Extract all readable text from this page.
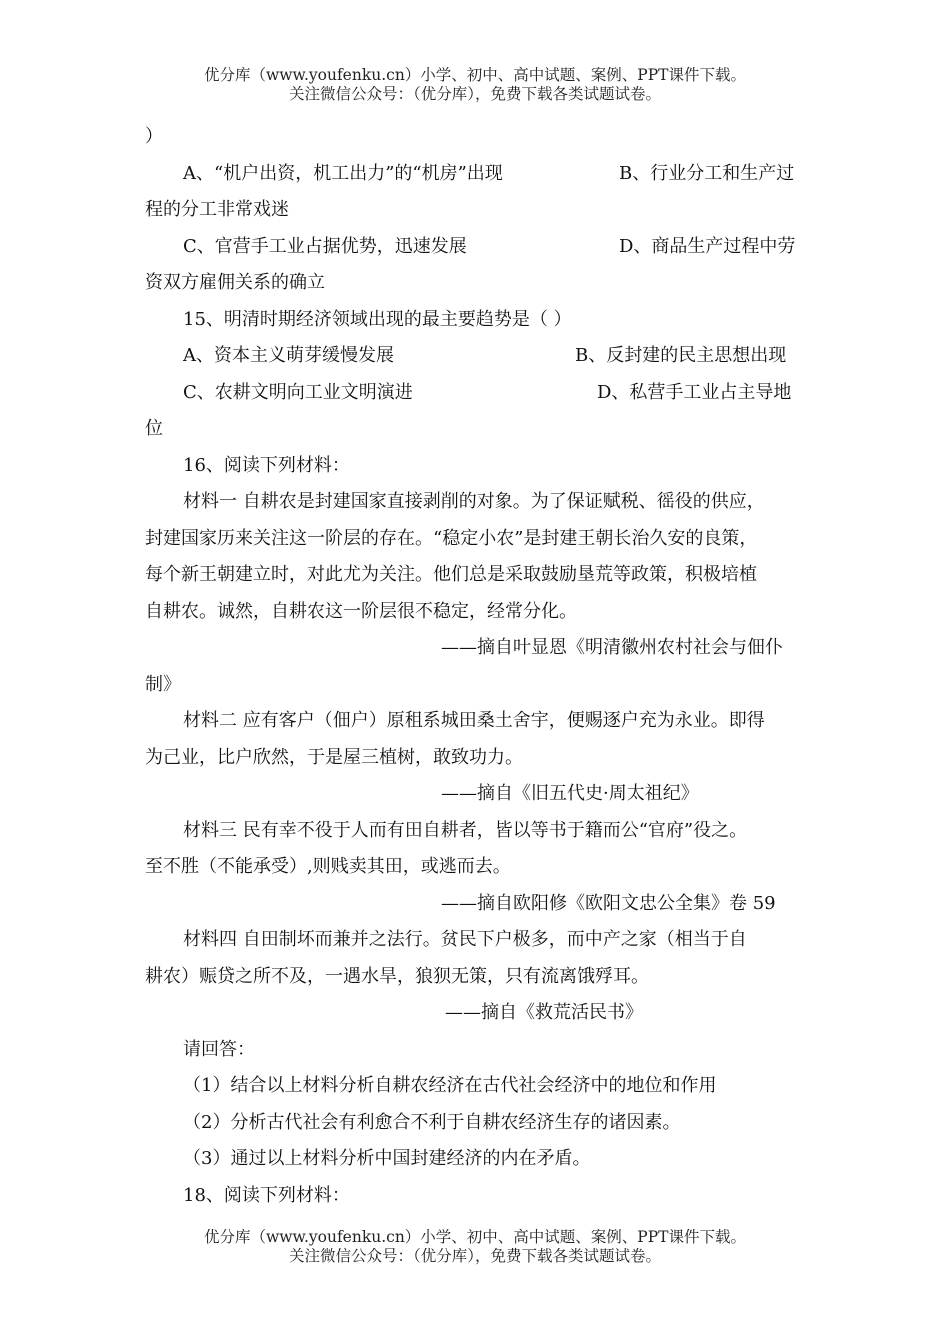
优分库（www.youfenku.cn）小学、初中、高中试题、案例、PPT课件下载。
关注微信公众号：（优分库），免费下载各类试题试卷。
）
A、“机户出资，机工出力”的“机房”出现	B、行业分工和生产过
程的分工非常戏迷
C、官营手工业占据优势，迅速发展	D、商品生产过程中劳
资双方雇佣关系的确立
15、明清时期经济领域出现的最主要趋势是（ ）
A、资本主义萌芽缓慢发展	B、反封建的民主思想出现
C、农耕文明向工业文明演进	D、私营手工业占主导地
位
16、阅读下列材料：
材料一 自耕农是封建国家直接剥削的对象。为了保证赋税、徭役的供应，
封建国家历来关注这一阶层的存在。“稳定小农”是封建王朝长治久安的良策，
每个新王朝建立时，对此尤为关注。他们总是采取鼓励垦荒等政策，积极培植
自耕农。诚然，自耕农这一阶层很不稳定，经常分化。
——摘自叶显恩《明清徽州农村社会与佃仆
制》
材料二 应有客户（佃户）原租系城田桑土舍宇，便赐逐户充为永业。即得
为己业，比户欣然，于是屋三植树，敢致功力。
——摘自《旧五代史·周太祖纪》
材料三 民有幸不役于人而有田自耕者，皆以等书于籍而公“官府”役之。
至不胜（不能承受）,则贱卖其田，或逃而去。
——摘自欧阳修《欧阳文忠公全集》卷 59
材料四 自田制坏而兼并之法行。贫民下户极多，而中产之家（相当于自
耕农）赈贷之所不及，一遇水旱，狼狈无策，只有流离饿殍耳。
——摘自《救荒活民书》
请回答：
（1）结合以上材料分析自耕农经济在古代社会经济中的地位和作用
（2）分析古代社会有利愈合不利于自耕农经济生存的诸因素。
（3）通过以上材料分析中国封建经济的内在矛盾。
18、阅读下列材料：
优分库（www.youfenku.cn）小学、初中、高中试题、案例、PPT课件下载。
关注微信公众号：（优分库），免费下载各类试题试卷。
